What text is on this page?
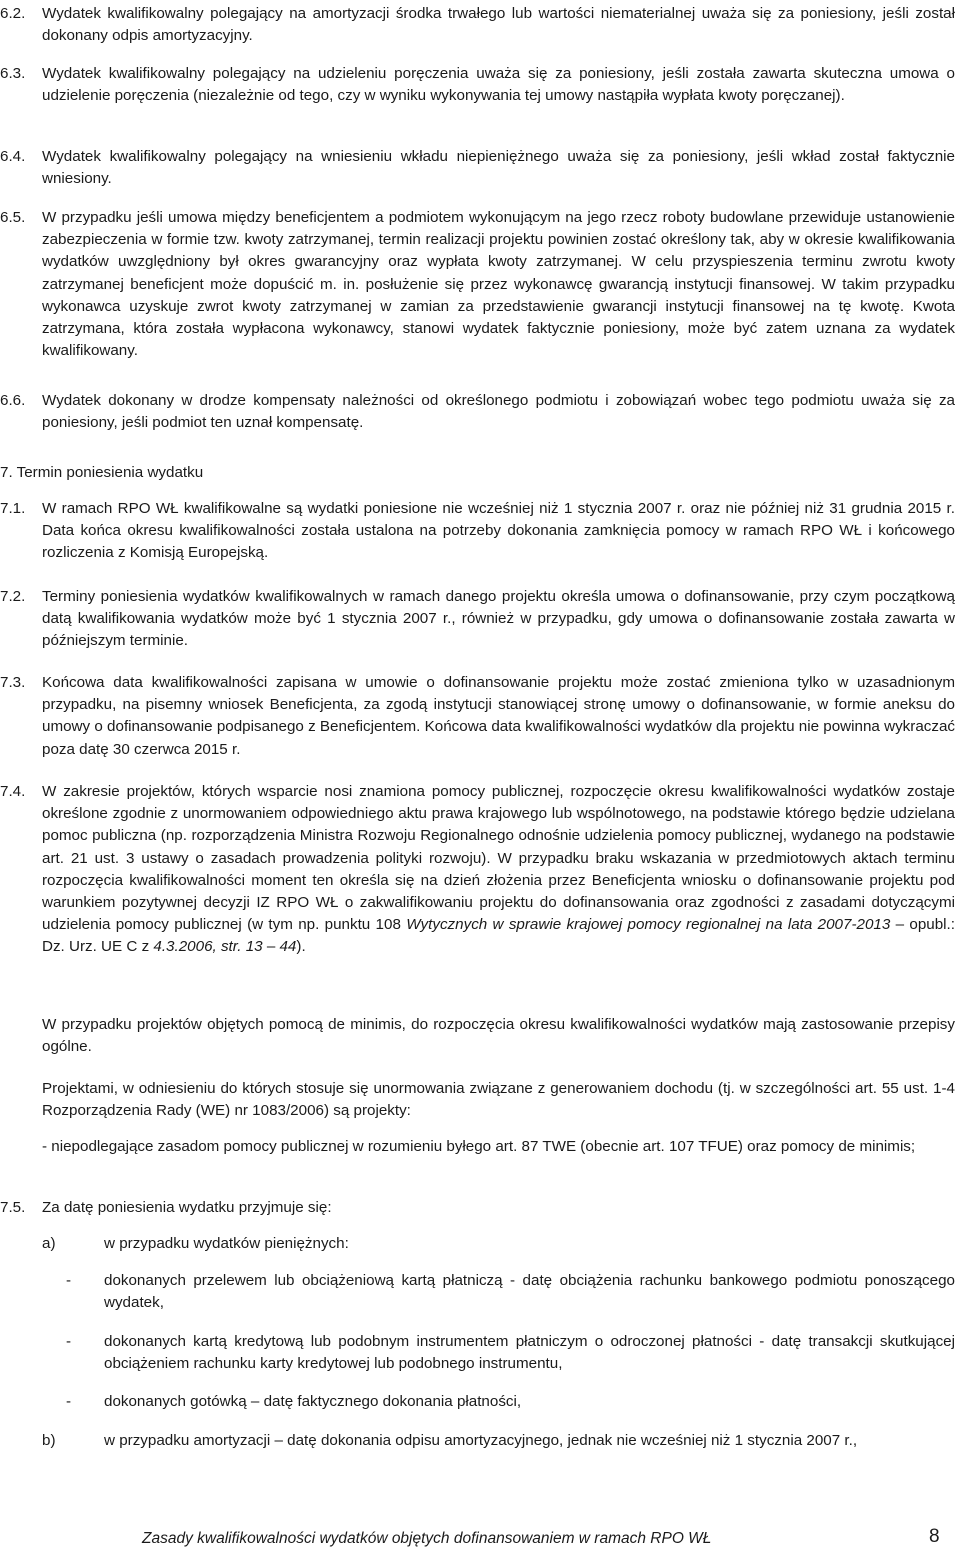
6.2.	Wydatek kwalifikowalny polegający na amortyzacji środka trwałego lub wartości niematerialnej uważa się za poniesiony, jeśli został dokonany odpis amortyzacyjny.
6.3.	Wydatek kwalifikowalny polegający na udzieleniu poręczenia uważa się za poniesiony, jeśli została zawarta skuteczna umowa o udzielenie poręczenia (niezależnie od tego, czy w wyniku wykonywania tej umowy nastąpiła wypłata kwoty poręczanej).
6.4.	Wydatek kwalifikowalny polegający na wniesieniu wkładu niepieniężnego uważa się za poniesiony, jeśli wkład został faktycznie wniesiony.
6.5.	W przypadku jeśli umowa między beneficjentem a podmiotem wykonującym na jego rzecz roboty budowlane przewiduje ustanowienie zabezpieczenia w formie tzw. kwoty zatrzymanej, termin realizacji projektu powinien zostać określony tak, aby w okresie kwalifikowania wydatków uwzględniony był okres gwarancyjny oraz wypłata kwoty zatrzymanej. W celu przyspieszenia terminu zwrotu kwoty zatrzymanej beneficjent może dopuścić m. in. posłużenie się przez wykonawcę gwarancją instytucji finansowej. W takim przypadku wykonawca uzyskuje zwrot kwoty zatrzymanej w zamian za przedstawienie gwarancji instytucji finansowej na tę kwotę. Kwota zatrzymana, która została wypłacona wykonawcy, stanowi wydatek faktycznie poniesiony, może być zatem uznana za wydatek kwalifikowany.
6.6.	Wydatek dokonany w drodze kompensaty należności od określonego podmiotu i zobowiązań wobec tego podmiotu uważa się za poniesiony, jeśli podmiot ten uznał kompensatę.
7. Termin poniesienia wydatku
7.1.	W ramach RPO WŁ kwalifikowalne są wydatki poniesione nie wcześniej niż 1 stycznia 2007 r. oraz nie później niż 31 grudnia 2015 r. Data końca okresu kwalifikowalności została ustalona na potrzeby dokonania zamknięcia pomocy w ramach RPO WŁ i końcowego rozliczenia z Komisją Europejską.
7.2.	Terminy poniesienia wydatków kwalifikowalnych w ramach danego projektu określa umowa o dofinansowanie, przy czym początkową datą kwalifikowania wydatków może być 1 stycznia 2007 r., również w przypadku, gdy umowa o dofinansowanie została zawarta w późniejszym terminie.
7.3.	Końcowa data kwalifikowalności zapisana w umowie o dofinansowanie projektu może zostać zmieniona tylko w uzasadnionym przypadku, na pisemny wniosek Beneficjenta, za zgodą instytucji stanowiącej stronę umowy o dofinansowanie, w formie aneksu do umowy o dofinansowanie podpisanego z Beneficjentem. Końcowa data kwalifikowalności wydatków dla projektu nie powinna wykraczać poza datę 30 czerwca 2015 r.
7.4.	W zakresie projektów, których wsparcie nosi znamiona pomocy publicznej, rozpoczęcie okresu kwalifikowalności wydatków zostaje określone zgodnie z unormowaniem odpowiedniego aktu prawa krajowego lub wspólnotowego, na podstawie którego będzie udzielana pomoc publiczna (np. rozporządzenia Ministra Rozwoju Regionalnego odnośnie udzielenia pomocy publicznej, wydanego na podstawie art. 21 ust. 3 ustawy o zasadach prowadzenia polityki rozwoju). W przypadku braku wskazania w przedmiotowych aktach terminu rozpoczęcia kwalifikowalności moment ten określa się na dzień złożenia przez Beneficjenta wniosku o dofinansowanie projektu pod warunkiem pozytywnej decyzji IZ RPO WŁ o zakwalifikowaniu projektu do dofinansowania oraz zgodności z zasadami dotyczącymi udzielenia pomocy publicznej (w tym np. punktu 108 Wytycznych w sprawie krajowej pomocy regionalnej na lata 2007-2013 – opubl.: Dz. Urz. UE C z 4.3.2006, str. 13 – 44).
W przypadku projektów objętych pomocą de minimis, do rozpoczęcia okresu kwalifikowalności wydatków mają zastosowanie przepisy ogólne.
Projektami, w odniesieniu do których stosuje się unormowania związane z generowaniem dochodu (tj. w szczególności art. 55 ust. 1-4 Rozporządzenia Rady (WE) nr 1083/2006) są projekty:
- niepodlegające zasadom pomocy publicznej w rozumieniu byłego art. 87 TWE (obecnie art. 107 TFUE) oraz pomocy de minimis;
7.5.	Za datę poniesienia wydatku przyjmuje się:
a)	w przypadku wydatków pieniężnych:
-	dokonanych przelewem lub obciążeniową kartą płatniczą - datę obciążenia rachunku bankowego podmiotu ponoszącego wydatek,
-	dokonanych kartą kredytową lub podobnym instrumentem płatniczym o odroczonej płatności - datę transakcji skutkującej obciążeniem rachunku karty kredytowej lub podobnego instrumentu,
-	dokonanych gotówką – datę faktycznego dokonania płatności,
b)	w przypadku amortyzacji – datę dokonania odpisu amortyzacyjnego, jednak nie wcześniej niż 1 stycznia 2007 r.,
Zasady kwalifikowalności wydatków objętych dofinansowaniem w ramach RPO WŁ	8
